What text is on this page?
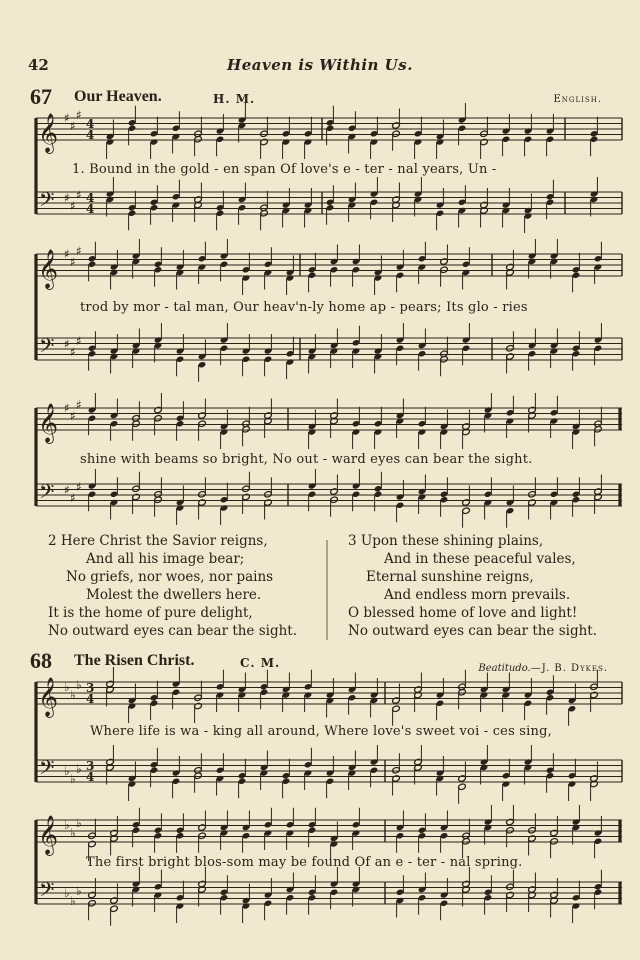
42	Heaven is Within Us.
67 Our Heaven.	H. M.	English.
𝄞
𝄢
♯
♯
♯
♯
♯
♯
4
4
4
4
1. Bound in the gold - en span Of love's e - ter - nal years, Un -
𝄞
𝄢
♯
♯
♯
♯
♯
♯
trod by mor - tal man, Our heav'n-ly home ap - pears; Its glo - ries
𝄞
𝄢
♯
♯
♯
♯
♯
♯
shine with beams so bright, No out - ward eyes can bear the sight.
2 Here Christ the Savior reigns,
And all his image bear;
No griefs, nor woes, nor pains
Molest the dwellers here.
It is the home of pure delight,
No outward eyes can bear the sight.
3 Upon these shining plains,
And in these peaceful vales,
Eternal sunshine reigns,
And endless morn prevails.
O blessed home of love and light!
No outward eyes can bear the sight.
68 The Risen Christ.	C. M.	Beatitudo.—J. B. Dykes.
𝄞
𝄢
♭
♭
♭
♭
♭
♭
3
4
3
4
Where life is wa - king all around, Where love's sweet voi - ces sing,
𝄞
𝄢
♭
♭
♭
♭
♭
♭
The first bright blos-som may be found Of an e - ter - nal spring.
